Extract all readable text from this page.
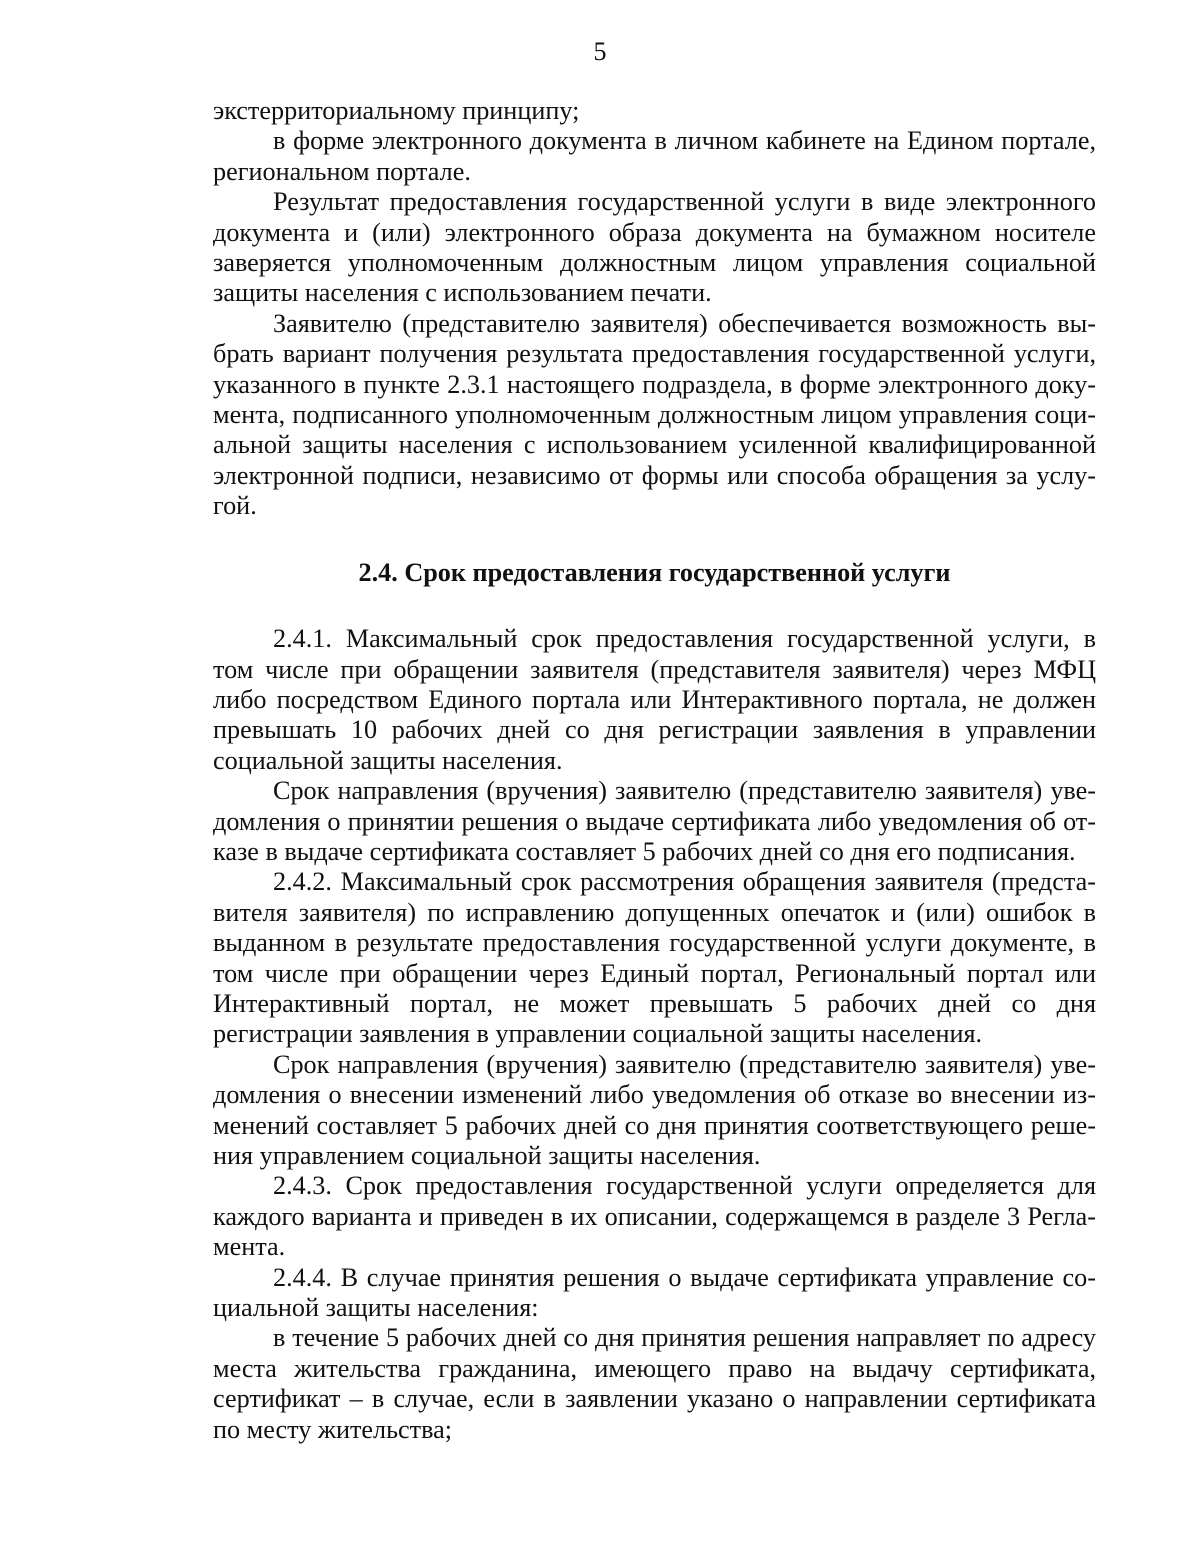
5

экстерриториальному принципу;

в форме электронного документа в личном кабинете на Едином портале, региональном портале.

Результат предоставления государственной услуги в виде электронного документа и (или) электронного образа документа на бумажном носителе заверяется уполномоченным должностным лицом управления социальной защиты населения с использованием печати.

Заявителю (представителю заявителя) обеспечивается возможность выбрать вариант получения результата предоставления государственной услуги, указанного в пункте 2.3.1 настоящего подраздела, в форме электронного документа, подписанного уполномоченным должностным лицом управления социальной защиты населения с использованием усиленной квалифицированной электронной подписи, независимо от формы или способа обращения за услугой.

2.4. Срок предоставления государственной услуги

2.4.1. Максимальный срок предоставления государственной услуги, в том числе при обращении заявителя (представителя заявителя) через МФЦ либо посредством Единого портала или Интерактивного портала, не должен превышать 10 рабочих дней со дня регистрации заявления в управлении социальной защиты населения.

Срок направления (вручения) заявителю (представителю заявителя) уведомления о принятии решения о выдаче сертификата либо уведомления об отказе в выдаче сертификата составляет 5 рабочих дней со дня его подписания.

2.4.2. Максимальный срок рассмотрения обращения заявителя (представителя заявителя) по исправлению допущенных опечаток и (или) ошибок в выданном в результате предоставления государственной услуги документе, в том числе при обращении через Единый портал, Региональный портал или Интерактивный портал, не может превышать 5 рабочих дней со дня регистрации заявления в управлении социальной защиты населения.

Срок направления (вручения) заявителю (представителю заявителя) уведомления о внесении изменений либо уведомления об отказе во внесении изменений составляет 5 рабочих дней со дня принятия соответствующего решения управлением социальной защиты населения.

2.4.3. Срок предоставления государственной услуги определяется для каждого варианта и приведен в их описании, содержащемся в разделе 3 Регламента.

2.4.4. В случае принятия решения о выдаче сертификата управление социальной защиты населения:

в течение 5 рабочих дней со дня принятия решения направляет по адресу места жительства гражданина, имеющего право на выдачу сертификата, сертификат – в случае, если в заявлении указано о направлении сертификата по месту жительства;
